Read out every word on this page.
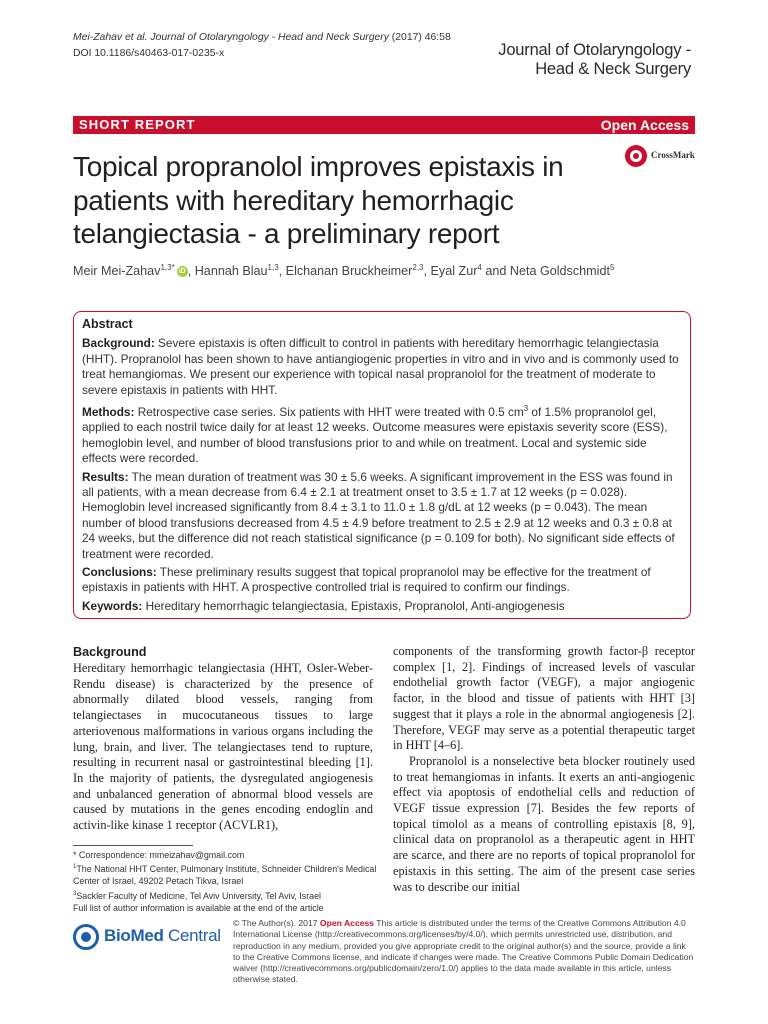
Mei-Zahav et al. Journal of Otolaryngology - Head and Neck Surgery (2017) 46:58
DOI 10.1186/s40463-017-0235-x	Journal of Otolaryngology -
Head & Neck Surgery
SHORT REPORT	Open Access
Topical propranolol improves epistaxis in patients with hereditary hemorrhagic telangiectasia - a preliminary report
CrossMark
Meir Mei-Zahav$^{1,3*}$ iD , Hannah Blau$^{1,3}$, Elchanan Bruckheimer$^{2,3}$, Eyal Zur$^4$ and Neta Goldschmidt$^5$
Abstract

Background: Severe epistaxis is often difficult to control in patients with hereditary hemorrhagic telangiectasia (HHT). Propranolol has been shown to have antiangiogenic properties in vitro and in vivo and is commonly used to treat hemangiomas. We present our experience with topical nasal propranolol for the treatment of moderate to severe epistaxis in patients with HHT.

Methods: Retrospective case series. Six patients with HHT were treated with 0.5 $cm^3$ of 1.5% propranolol gel, applied to each nostril twice daily for at least 12 weeks. Outcome measures were epistaxis severity score (ESS), hemoglobin level, and number of blood transfusions prior to and while on treatment. Local and systemic side effects were recorded.

Results: The mean duration of treatment was 30 ± 5.6 weeks. A significant improvement in the ESS was found in all patients, with a mean decrease from 6.4 ± 2.1 at treatment onset to 3.5 ± 1.7 at 12 weeks (p = 0.028). Hemoglobin level increased significantly from 8.4 ± 3.1 to 11.0 ± 1.8 g/dL at 12 weeks (p = 0.043). The mean number of blood transfusions decreased from 4.5 ± 4.9 before treatment to 2.5 ± 2.9 at 12 weeks and 0.3 ± 0.8 at 24 weeks, but the difference did not reach statistical significance (p = 0.109 for both). No significant side effects of treatment were recorded.

Conclusions: These preliminary results suggest that topical propranolol may be effective for the treatment of epistaxis in patients with HHT. A prospective controlled trial is required to confirm our findings.

Keywords: Hereditary hemorrhagic telangiectasia, Epistaxis, Propranolol, Anti-angiogenesis

Background

Hereditary hemorrhagic telangiectasia (HHT, Osler-Weber-Rendu disease) is characterized by the presence of abnormally dilated blood vessels, ranging from telangiectases in mucocutaneous tissues to large arteriovenous malformations in various organs including the lung, brain, and liver. The telangiectases tend to rupture, resulting in recurrent nasal or gastrointestinal bleeding [1]. In the majority of patients, the dysregulated angiogenesis and unbalanced generation of abnormal blood vessels are caused by mutations in the genes encoding endoglin and activin-like kinase 1 receptor (ACVLR1),

components of the transforming growth factor-β receptor complex [1, 2]. Findings of increased levels of vascular endothelial growth factor (VEGF), a major angiogenic factor, in the blood and tissue of patients with HHT [3] suggest that it plays a role in the abnormal angiogenesis [2]. Therefore, VEGF may serve as a potential therapeutic target in HHT [4–6].

Propranolol is a nonselective beta blocker routinely used to treat hemangiomas in infants. It exerts an anti-angiogenic effect via apoptosis of endothelial cells and reduction of VEGF tissue expression [7]. Besides the few reports of topical timolol as a means of controlling epistaxis [8, 9], clinical data on propranolol as a therapeutic agent in HHT are scarce, and there are no reports of topical propranolol for epistaxis in this setting. The aim of the present case series was to describe our initial

* Correspondence: mmeizahav@gmail.com
$^1$The National HHT Center, Pulmonary Institute, Schneider Children's Medical Center of Israel, 49202 Petach Tikva, Israel
$^3$Sackler Faculty of Medicine, Tel Aviv University, Tel Aviv, Israel
Full list of author information is available at the end of the article
BioMed Central
© The Author(s). 2017 Open Access This article is distributed under the terms of the Creative Commons Attribution 4.0 International License (http://creativecommons.org/licenses/by/4.0/), which permits unrestricted use, distribution, and reproduction in any medium, provided you give appropriate credit to the original author(s) and the source, provide a link to the Creative Commons license, and indicate if changes were made. The Creative Commons Public Domain Dedication waiver (http://creativecommons.org/publicdomain/zero/1.0/) applies to the data made available in this article, unless otherwise stated.
